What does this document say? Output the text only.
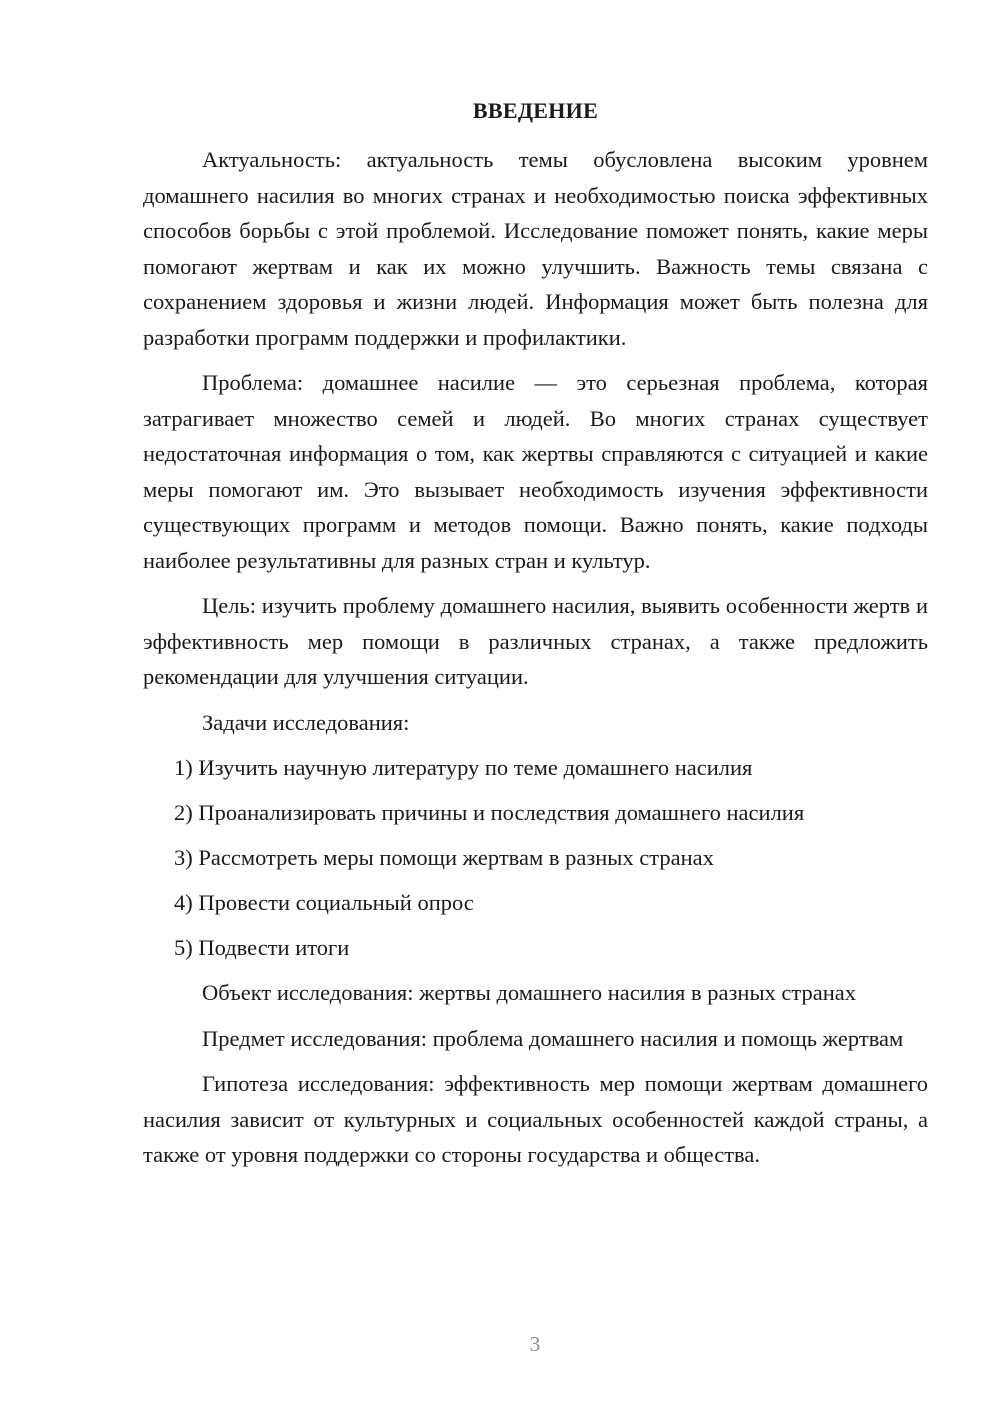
ВВЕДЕНИЕ

Актуальность: актуальность темы обусловлена высоким уровнем домашнего насилия во многих странах и необходимостью поиска эффективных способов борьбы с этой проблемой. Исследование поможет понять, какие меры помогают жертвам и как их можно улучшить. Важность темы связана с сохранением здоровья и жизни людей. Информация может быть полезна для разработки программ поддержки и профилактики.

Проблема: домашнее насилие — это серьезная проблема, которая затрагивает множество семей и людей. Во многих странах существует недостаточная информация о том, как жертвы справляются с ситуацией и какие меры помогают им. Это вызывает необходимость изучения эффективности существующих программ и методов помощи. Важно понять, какие подходы наиболее результативны для разных стран и культур.

Цель: изучить проблему домашнего насилия, выявить особенности жертв и эффективность мер помощи в различных странах, а также предложить рекомендации для улучшения ситуации.

Задачи исследования:

1) Изучить научную литературу по теме домашнего насилия
2) Проанализировать причины и последствия домашнего насилия
3) Рассмотреть меры помощи жертвам в разных странах
4) Провести социальный опрос
5) Подвести итоги

Объект исследования: жертвы домашнего насилия в разных странах

Предмет исследования: проблема домашнего насилия и помощь жертвам

Гипотеза исследования: эффективность мер помощи жертвам домашнего насилия зависит от культурных и социальных особенностей каждой страны, а также от уровня поддержки со стороны государства и общества.

3
